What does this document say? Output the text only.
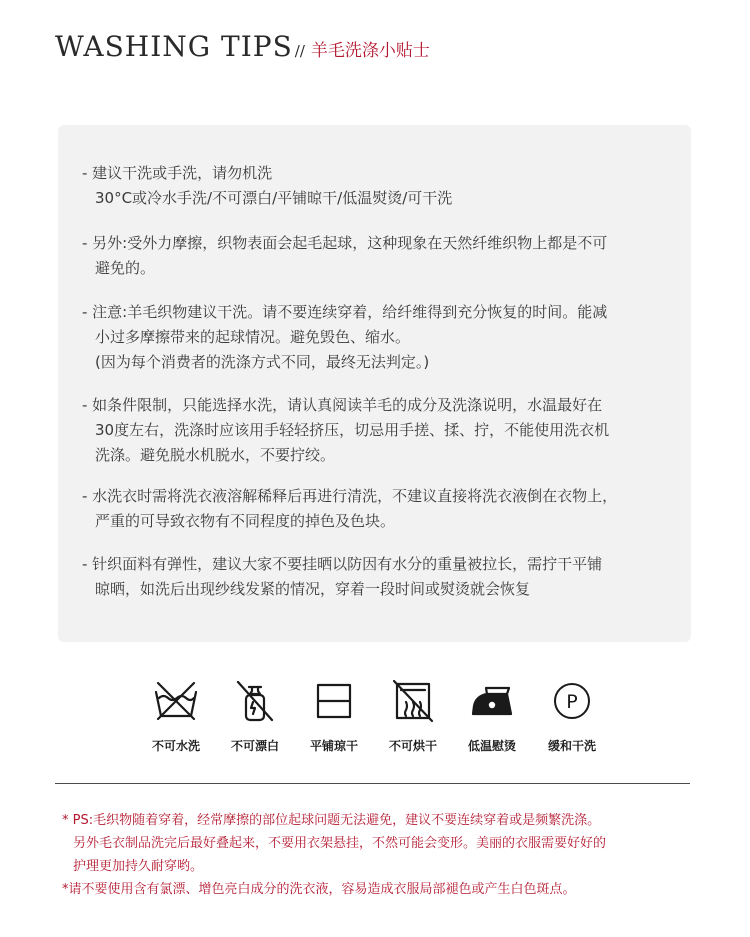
WASHING TIPS // 羊毛洗涤小贴士
- 建议干洗或手洗，请勿机洗
30°C或冷水手洗/不可漂白/平铺晾干/低温熨烫/可干洗
- 另外:受外力摩擦，织物表面会起毛起球，这种现象在天然纤维织物上都是不可
避免的。
- 注意:羊毛织物建议干洗。请不要连续穿着，给纤维得到充分恢复的时间。能减
小过多摩擦带来的起球情况。避免毁色、缩水。
(因为每个消费者的洗涤方式不同，最终无法判定。)
- 如条件限制，只能选择水洗，请认真阅读羊毛的成分及洗涤说明，水温最好在
30度左右，洗涤时应该用手轻轻挤压，切忌用手搓、揉、拧，不能使用洗衣机
洗涤。避免脱水机脱水，不要拧绞。
- 水洗衣时需将洗衣液溶解稀释后再进行清洗，不建议直接将洗衣液倒在衣物上，
严重的可导致衣物有不同程度的掉色及色块。
- 针织面料有弹性，建议大家不要挂晒以防因有水分的重量被拉长，需拧干平铺
晾晒，如洗后出现纱线发紧的情况，穿着一段时间或熨烫就会恢复
不可水洗	不可漂白	平铺琼干	不可烘干	低温慰烫
P
缓和干洗
* PS:毛织物随着穿着，经常摩擦的部位起球问题无法避免，建议不要连续穿着或是频繁洗涤。
另外毛衣制品洗完后最好叠起来，不要用衣架悬挂，不然可能会变形。美丽的衣服需要好好的
护理更加持久耐穿哟。
*请不要使用含有氯漂、增色亮白成分的洗衣液，容易造成衣服局部褪色或产生白色斑点。
